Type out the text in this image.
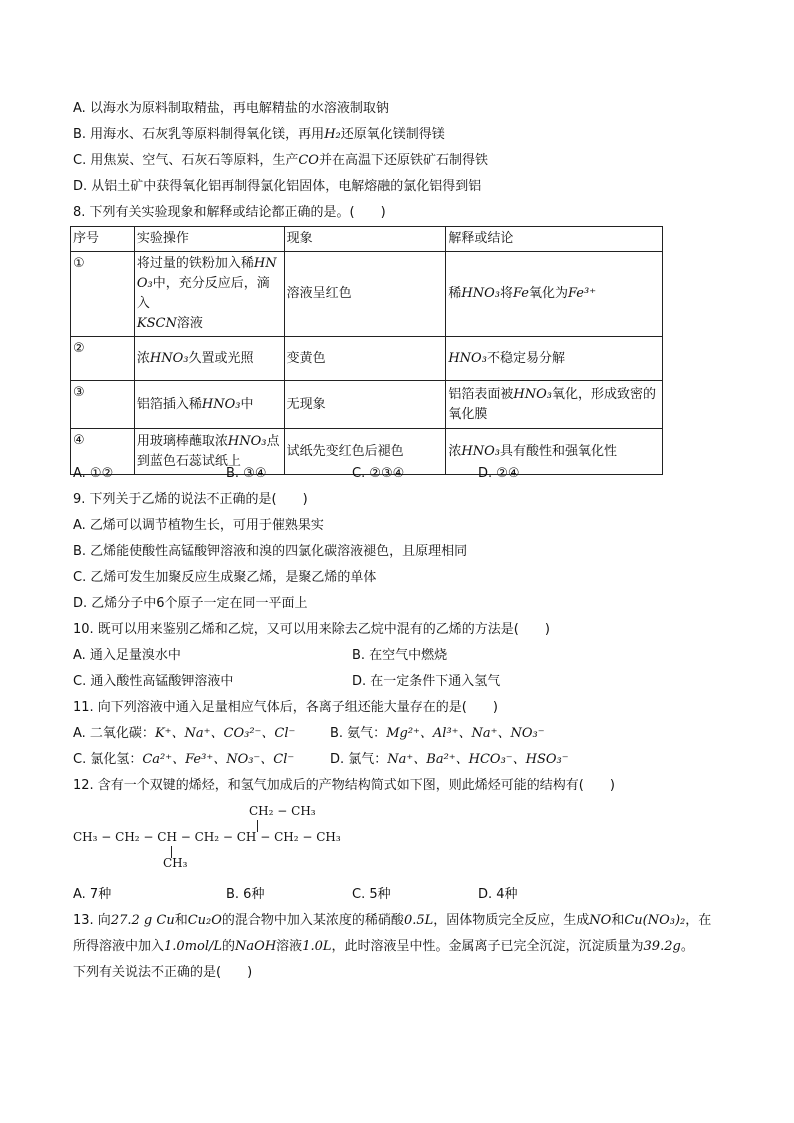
A. 以海水为原料制取精盐，再电解精盐的水溶液制取钠
B. 用海水、石灰乳等原料制得氧化镁，再用H₂还原氧化镁制得镁
C. 用焦炭、空气、石灰石等原料，生产CO并在高温下还原铁矿石制得铁
D. 从铝土矿中获得氧化铝再制得氯化铝固体，电解熔融的氯化铝得到铝
8. 下列有关实验现象和解释或结论都正确的是。(　　)
序号	实验操作	现象	解释或结论
①	将过量的铁粉加入稀HN
O₃中，充分反应后，滴入
KSCN溶液	溶液呈红色	稀HNO₃将Fe氧化为Fe³⁺
②	浓HNO₃久置或光照	变黄色	HNO₃不稳定易分解
③	铝箔插入稀HNO₃中	无现象	铝箔表面被HNO₃氧化，形成致密的
氧化膜
④	用玻璃棒蘸取浓HNO₃点
到蓝色石蕊试纸上	试纸先变红色后褪色	浓HNO₃具有酸性和强氧化性
A. ①②	B. ③④	C. ②③④	D. ②④
9. 下列关于乙烯的说法不正确的是(　　)
A. 乙烯可以调节植物生长，可用于催熟果实
B. 乙烯能使酸性高锰酸钾溶液和溴的四氯化碳溶液褪色，且原理相同
C. 乙烯可发生加聚反应生成聚乙烯，是聚乙烯的单体
D. 乙烯分子中6个原子一定在同一平面上
10. 既可以用来鉴别乙烯和乙烷，又可以用来除去乙烷中混有的乙烯的方法是(　　)
A. 通入足量溴水中	B. 在空气中燃烧
C. 通入酸性高锰酸钾溶液中	D. 在一定条件下通入氢气
11. 向下列溶液中通入足量相应气体后，各离子组还能大量存在的是(　　)
A. 二氧化碳：K⁺、Na⁺、CO₃²⁻、Cl⁻	B. 氨气：Mg²⁺、Al³⁺、Na⁺、NO₃⁻
C. 氯化氢：Ca²⁺、Fe³⁺、NO₃⁻、Cl⁻	D. 氯气：Na⁺、Ba²⁺、HCO₃⁻、HSO₃⁻
12. 含有一个双键的烯烃，和氢气加成后的产物结构简式如下图，则此烯烃可能的结构有(　　)
CH₂ − CH₃
CH₃ − CH₂ − CH − CH₂ − CH − CH₂ − CH₃
CH₃
A. 7种	B. 6种	C. 5种	D. 4种
13. 向27.2 g Cu和Cu₂O的混合物中加入某浓度的稀硝酸0.5L，固体物质完全反应，生成NO和Cu(NO₃)₂，在
所得溶液中加入1.0mol/L的NaOH溶液1.0L，此时溶液呈中性。金属离子已完全沉淀，沉淀质量为39.2g。
下列有关说法不正确的是(　　)
